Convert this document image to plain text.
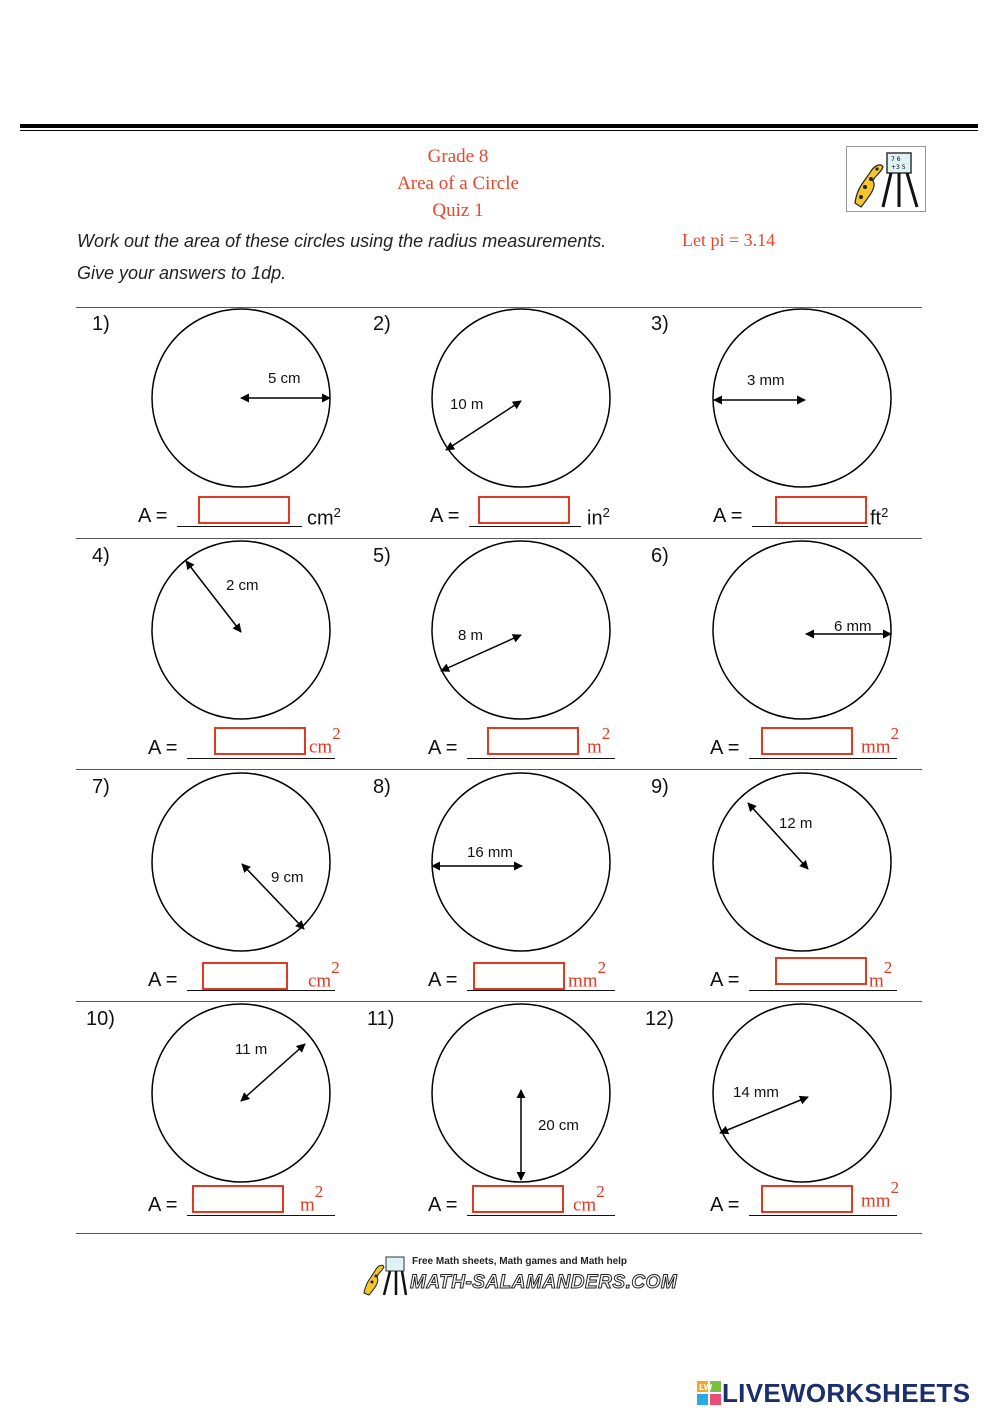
Grade 8
Area of a Circle
Quiz 1
7 6
+3 5
Work out the area of these circles using the radius measurements.
Give your answers to 1dp.
Let pi = 3.14
1)	2)	3)
4)	5)	6)
7)	8)	9)
10)	11)	12)
5 cm
10 m
3 mm
2 cm
8 m
6 mm
9 cm
16 mm
12 m
11 m
20 cm
14 mm
A =	$cm^2$	A =	$in^2$	A =	$ft^2$
A =	$cm^2$
A =	$m^2$
A =	$mm^2$
A =	$cm^2$
A =	$mm^2$
A =	$m^2$
A =	$m^2$
A =	$cm^2$
A =	$mm^2$
Free Math sheets, Math games and Math help
MATH-SALAMANDERS.COM
LW LIVEWORKSHEETS
